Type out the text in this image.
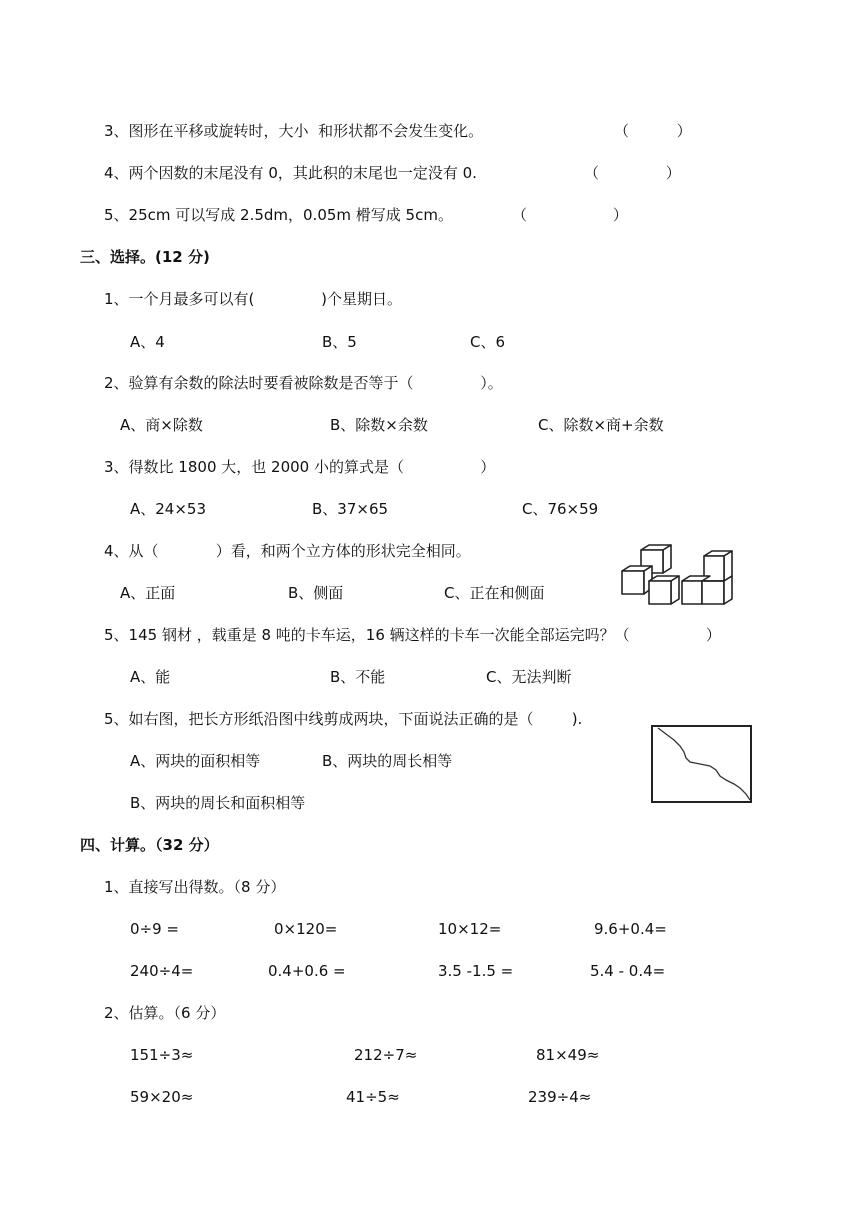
3、图形在平移或旋转时，大小  和形状都不会发生变化。	（          ）
4、两个因数的末尾没有 0，其此积的末尾也一定没有 0.	（              ）
5、25cm 可以写成 2.5dm，0.05m 榾写成 5cm。	（                  ）
三、选择。(12 分)
1、一个月最多可以有(              )个星期日。
A、4	B、5	C、6
2、验算有余数的除法时要看被除数是否等于（              ）。
A、商×除数	B、除数×余数	C、除数×商+余数
3、得数比 1800 大，也 2000 小的算式是（                ）
A、24×53	B、37×65	C、76×59
4、从（            ）看，和两个立方体的形状完全相同。
A、正面	B、侧面	C、正在和侧面
5、145 钢材 ，载重是 8 吨的卡车运，16 辆这样的卡车一次能全部运完吗？（                ）
A、能	B、不能	C、无法判断
5、如右图，把长方形纸沿图中线剪成两块，下面说法正确的是（        ).
A、两块的面积相等	B、两块的周长相等
B、两块的周长和面积相等
四、计算。（32 分）
1、直接写出得数。（8 分）
0÷9 =	0×120=	10×12=	9.6+0.4=
240÷4=	0.4+0.6 =	3.5 -1.5 =	5.4 - 0.4=
2、估算。（6 分）
151÷3≈	212÷7≈	81×49≈
59×20≈	41÷5≈	239÷4≈
